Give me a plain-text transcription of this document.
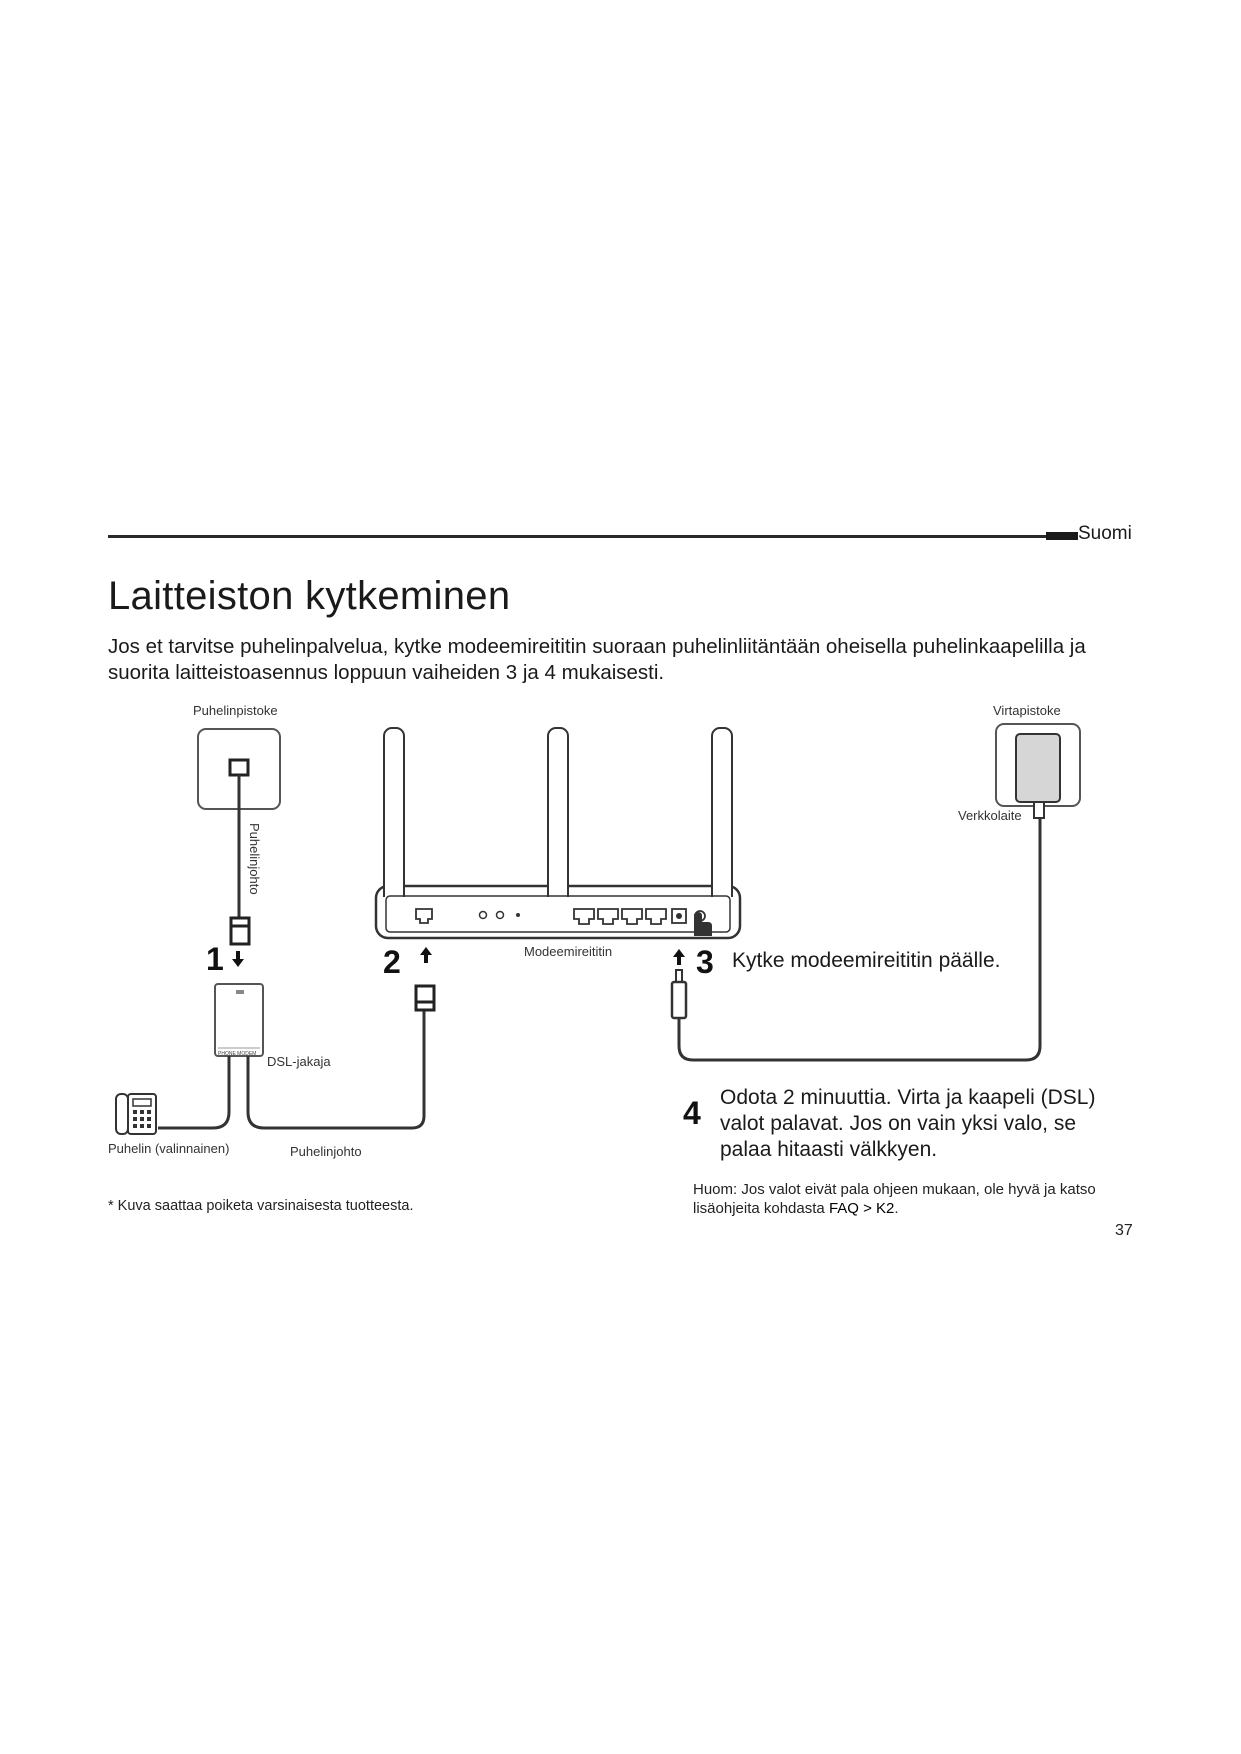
Suomi
Laitteiston kytkeminen

Jos et tarvitse puhelinpalvelua, kytke modeemireititin suoraan puhelinliitäntään oheisella puhelinkaapelilla ja suorita laitteistoasennus loppuun vaiheiden 3 ja 4 mukaisesti.

Puhelinpistoke
Puhelinjohto
1
PHONE MODEM DSL-jakaja
Puhelin (valinnainen)	Puhelinjohto
2	Modeemireititin	3 Kytke modeemireititin päälle.
Virtapistoke
Verkkolaite
4 Odota 2 minuuttia. Virta ja kaapeli (DSL)
valot palavat. Jos on vain yksi valo, se
palaa hitaasti välkkyen.
* Kuva saattaa poiketa varsinaisesta tuotteesta.

Huom: Jos valot eivät pala ohjeen mukaan, ole hyvä ja katso lisäohjeita kohdasta FAQ > K2.

37
